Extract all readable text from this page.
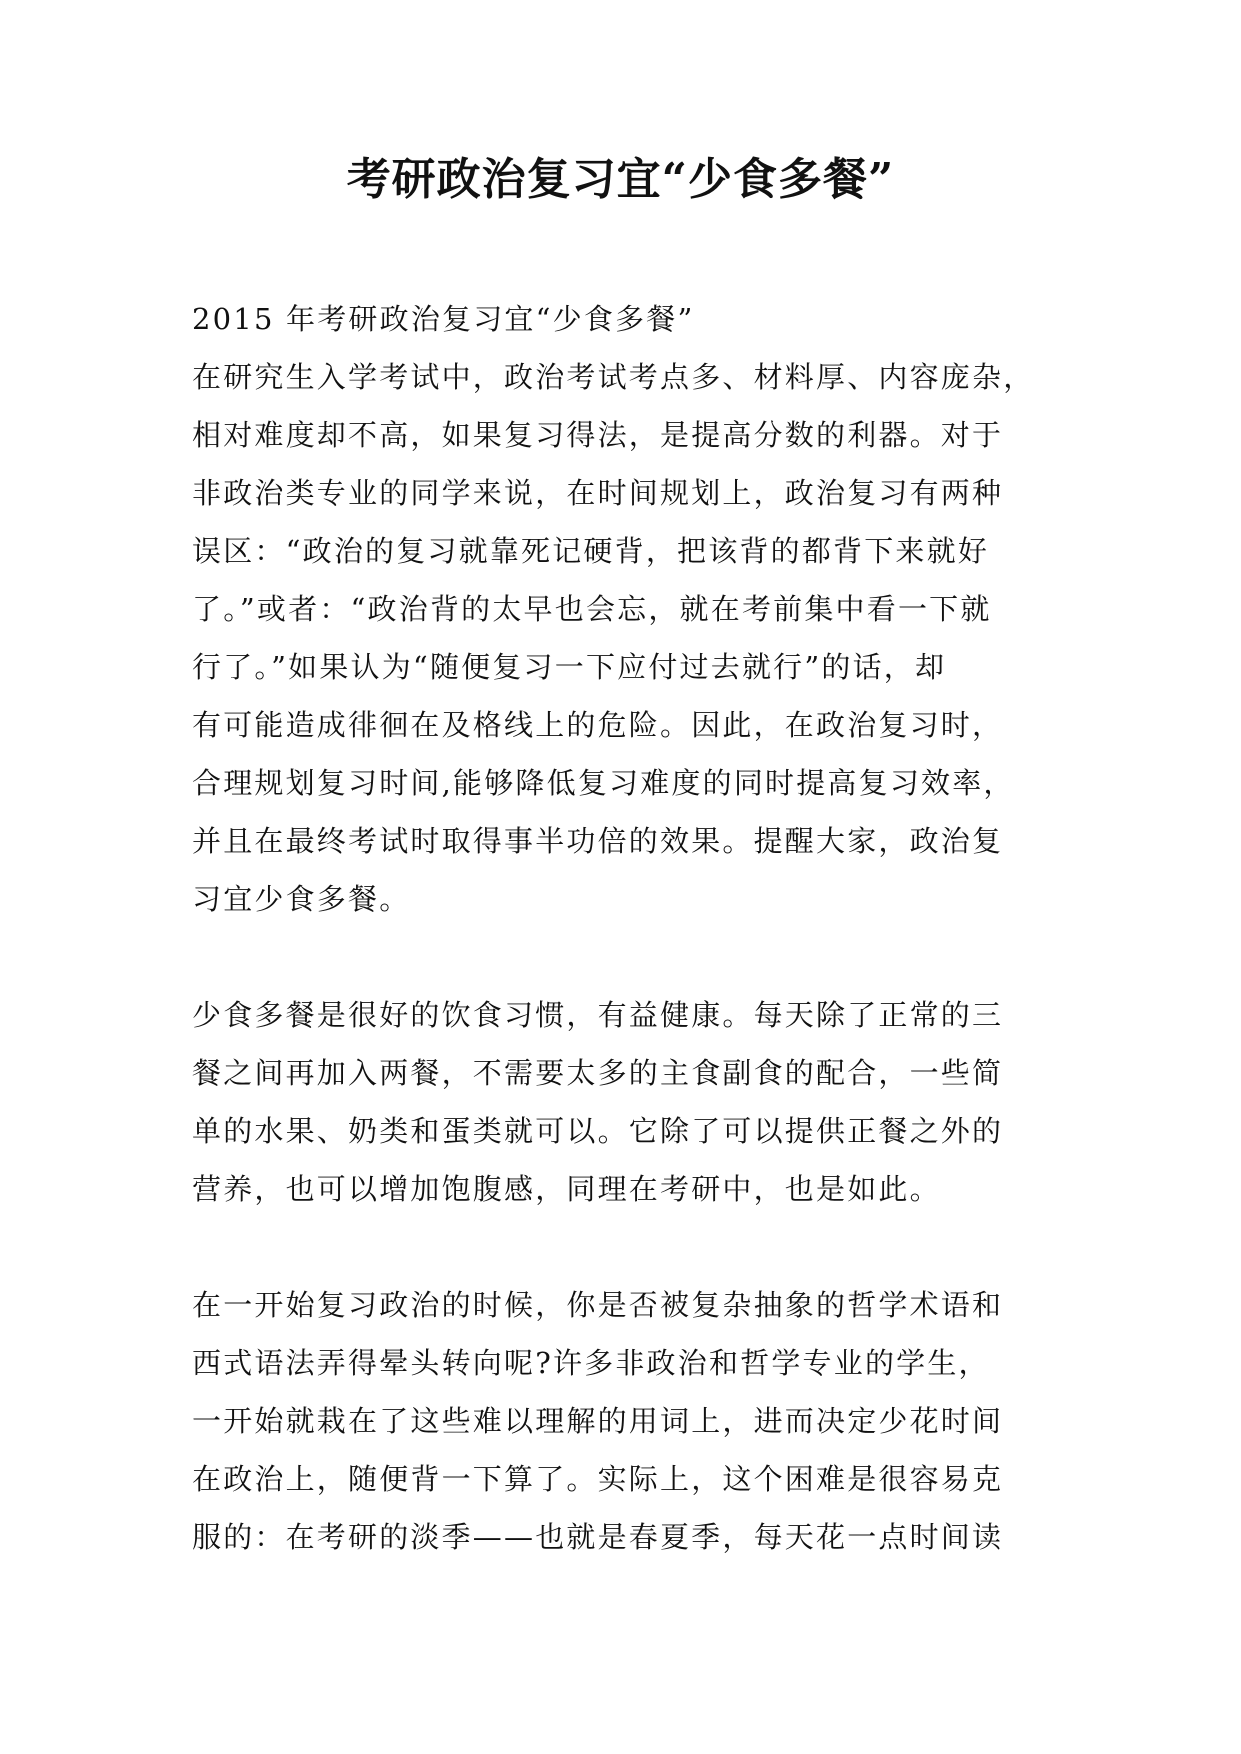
考研政治复习宜“少食多餐”
2015 年考研政治复习宜“少食多餐”
在研究生入学考试中，政治考试考点多、材料厚、内容庞杂，
相对难度却不高，如果复习得法，是提高分数的利器。对于
非政治类专业的同学来说，在时间规划上，政治复习有两种
误区：“政治的复习就靠死记硬背，把该背的都背下来就好
了。”或者：“政治背的太早也会忘，就在考前集中看一下就
行了。”如果认为“随便复习一下应付过去就行”的话，却
有可能造成徘徊在及格线上的危险。因此，在政治复习时，
合理规划复习时间,能够降低复习难度的同时提高复习效率，
并且在最终考试时取得事半功倍的效果。提醒大家，政治复
习宜少食多餐。
少食多餐是很好的饮食习惯，有益健康。每天除了正常的三
餐之间再加入两餐，不需要太多的主食副食的配合，一些简
单的水果、奶类和蛋类就可以。它除了可以提供正餐之外的
营养，也可以增加饱腹感，同理在考研中，也是如此。
在一开始复习政治的时候，你是否被复杂抽象的哲学术语和
西式语法弄得晕头转向呢?许多非政治和哲学专业的学生，
一开始就栽在了这些难以理解的用词上，进而决定少花时间
在政治上，随便背一下算了。实际上，这个困难是很容易克
服的：在考研的淡季——也就是春夏季，每天花一点时间读
